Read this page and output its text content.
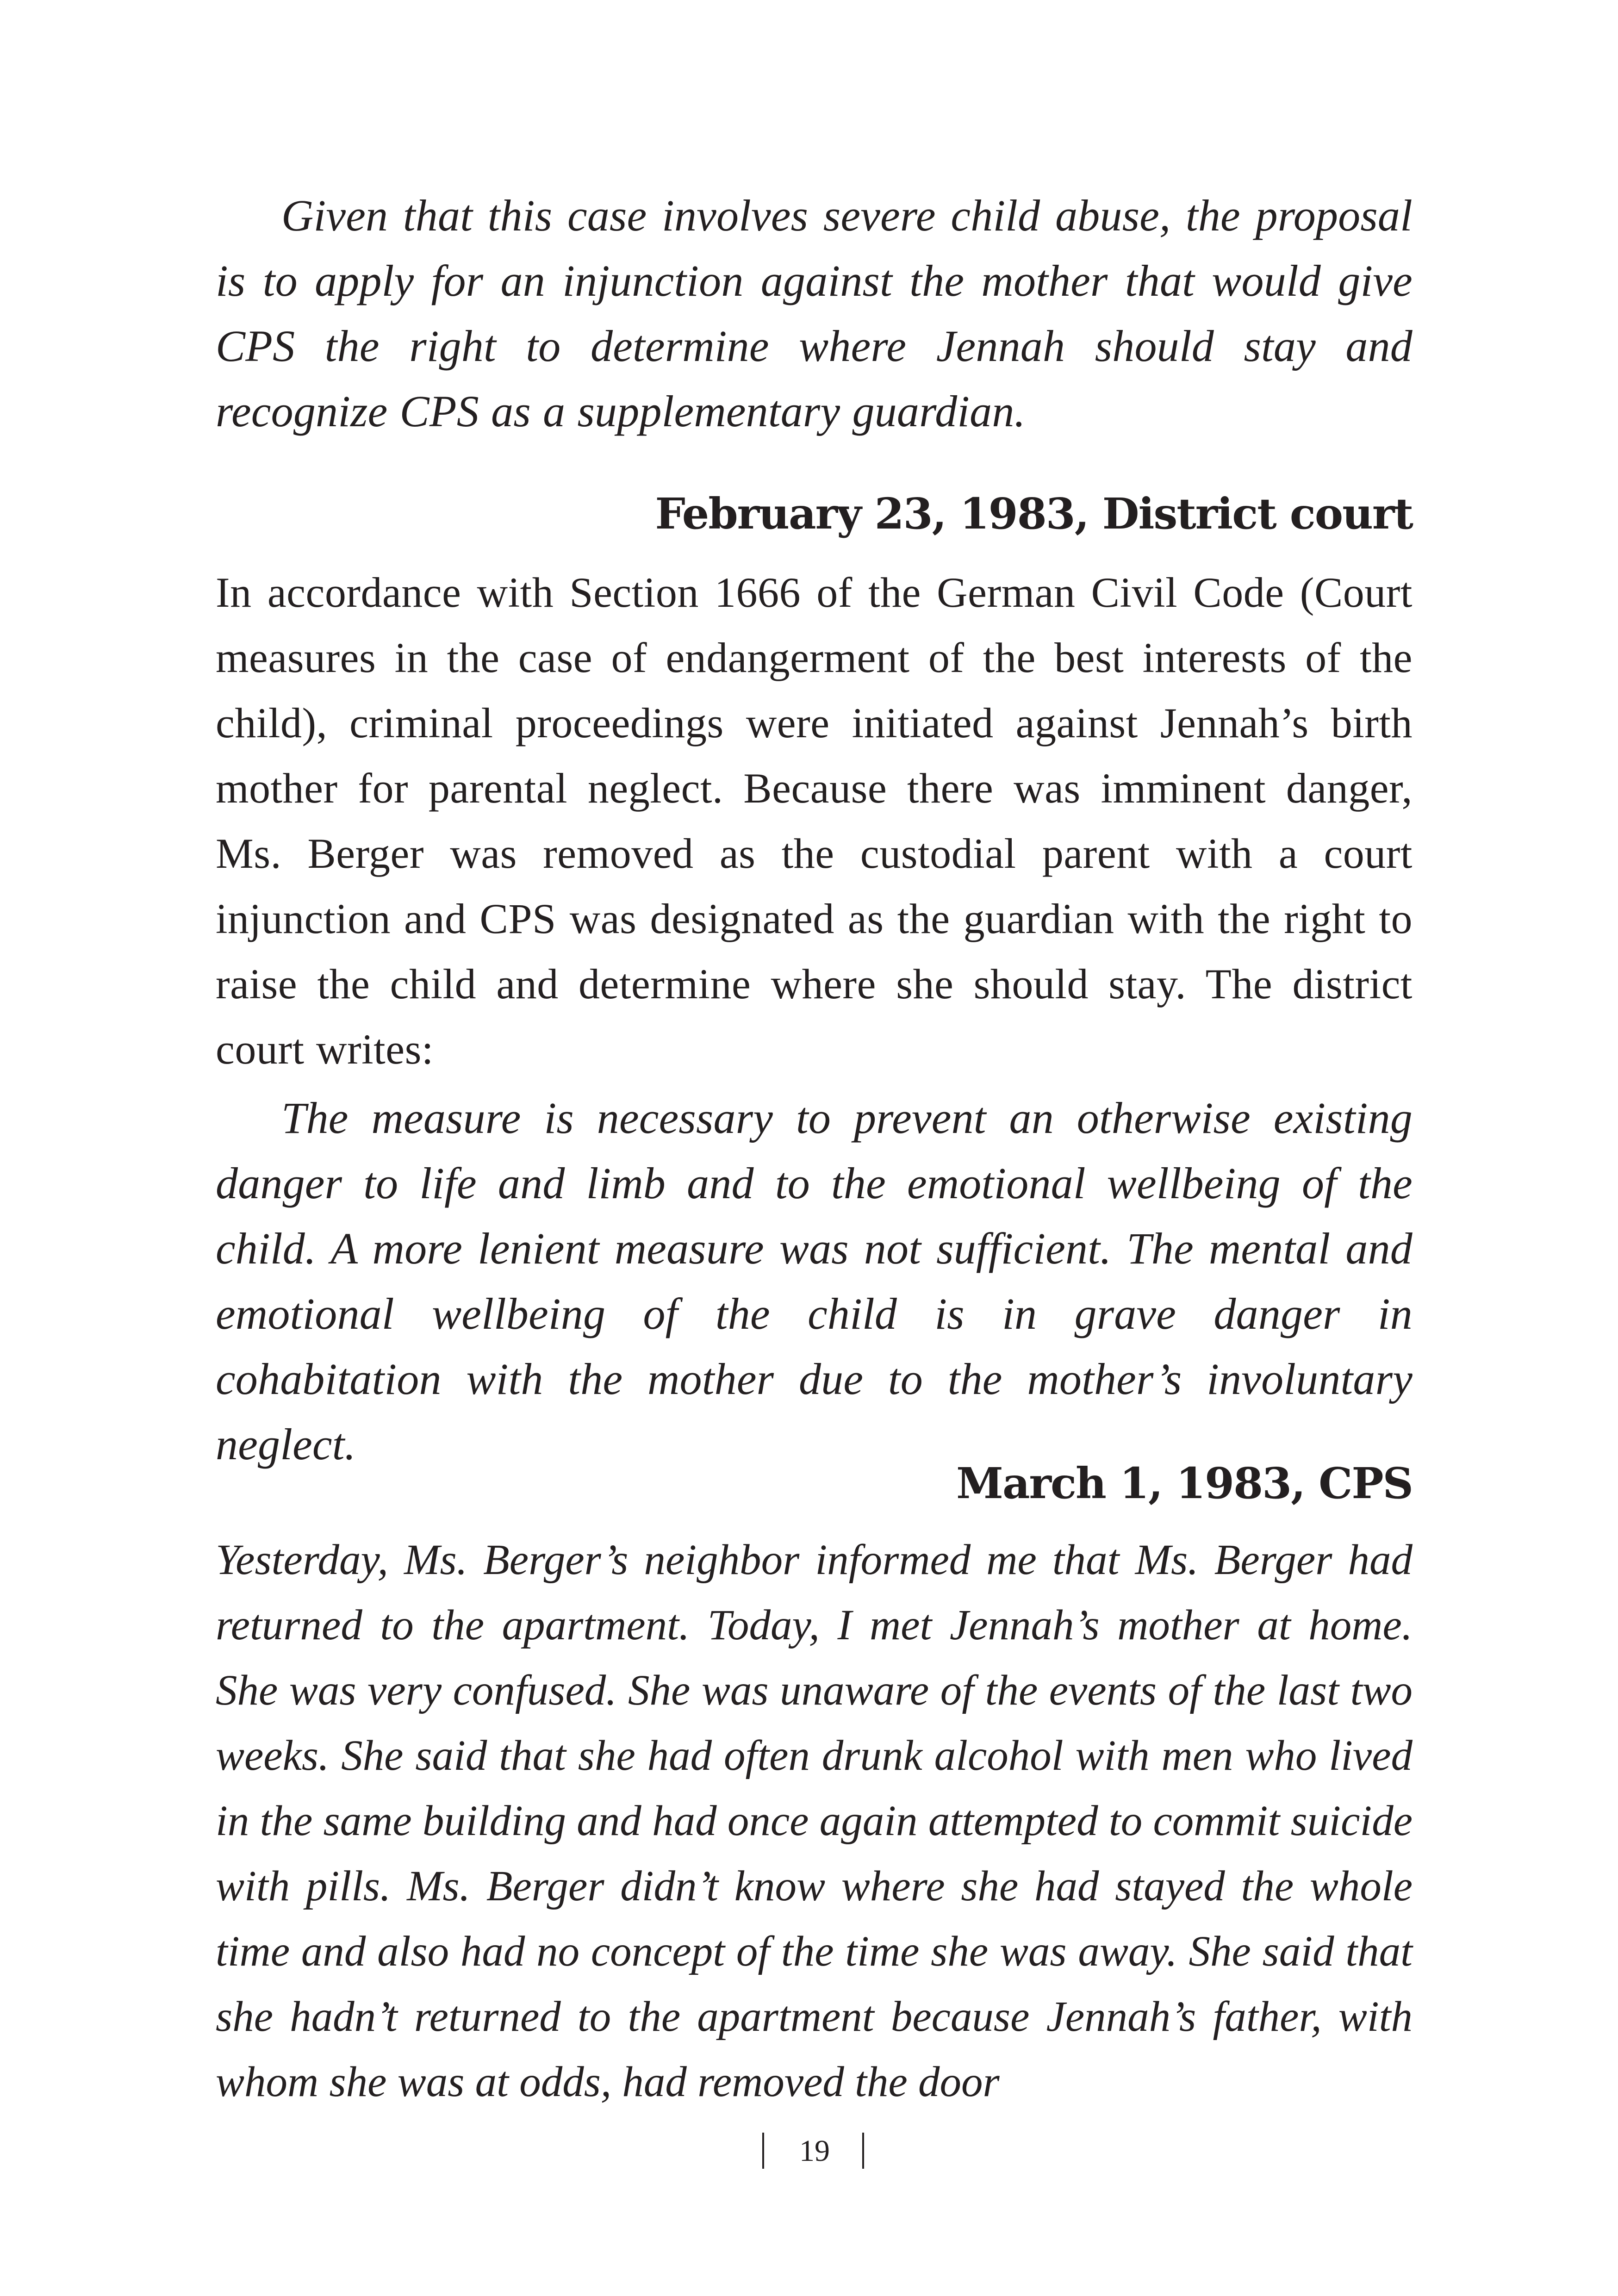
Given that this case involves severe child abuse, the proposal is to apply for an injunction against the mother that would give CPS the right to determine where Jennah should stay and recognize CPS as a supplementary guardian.

February 23, 1983, District court

In accordance with Section 1666 of the German Civil Code (Court measures in the case of endangerment of the best interests of the child), criminal proceedings were initiated against Jennah’s birth mother for parental neglect. Because there was imminent danger, Ms. Berger was removed as the custodial parent with a court injunction and CPS was designated as the guardian with the right to raise the child and determine where she should stay. The district court writes:

The measure is necessary to prevent an otherwise existing danger to life and limb and to the emotional wellbeing of the child. A more lenient measure was not sufficient. The mental and emotional wellbeing of the child is in grave danger in cohabitation with the mother due to the mother’s involuntary neglect.

March 1, 1983, CPS

Yesterday, Ms. Berger’s neighbor informed me that Ms. Berger had returned to the apartment. Today, I met Jennah’s mother at home. She was very confused. She was unaware of the events of the last two weeks. She said that she had often drunk alcohol with men who lived in the same building and had once again attempted to commit suicide with pills. Ms. Berger didn’t know where she had stayed the whole time and also had no concept of the time she was away. She said that she hadn’t returned to the apartment because Jennah’s father, with whom she was at odds, had removed the door

19
